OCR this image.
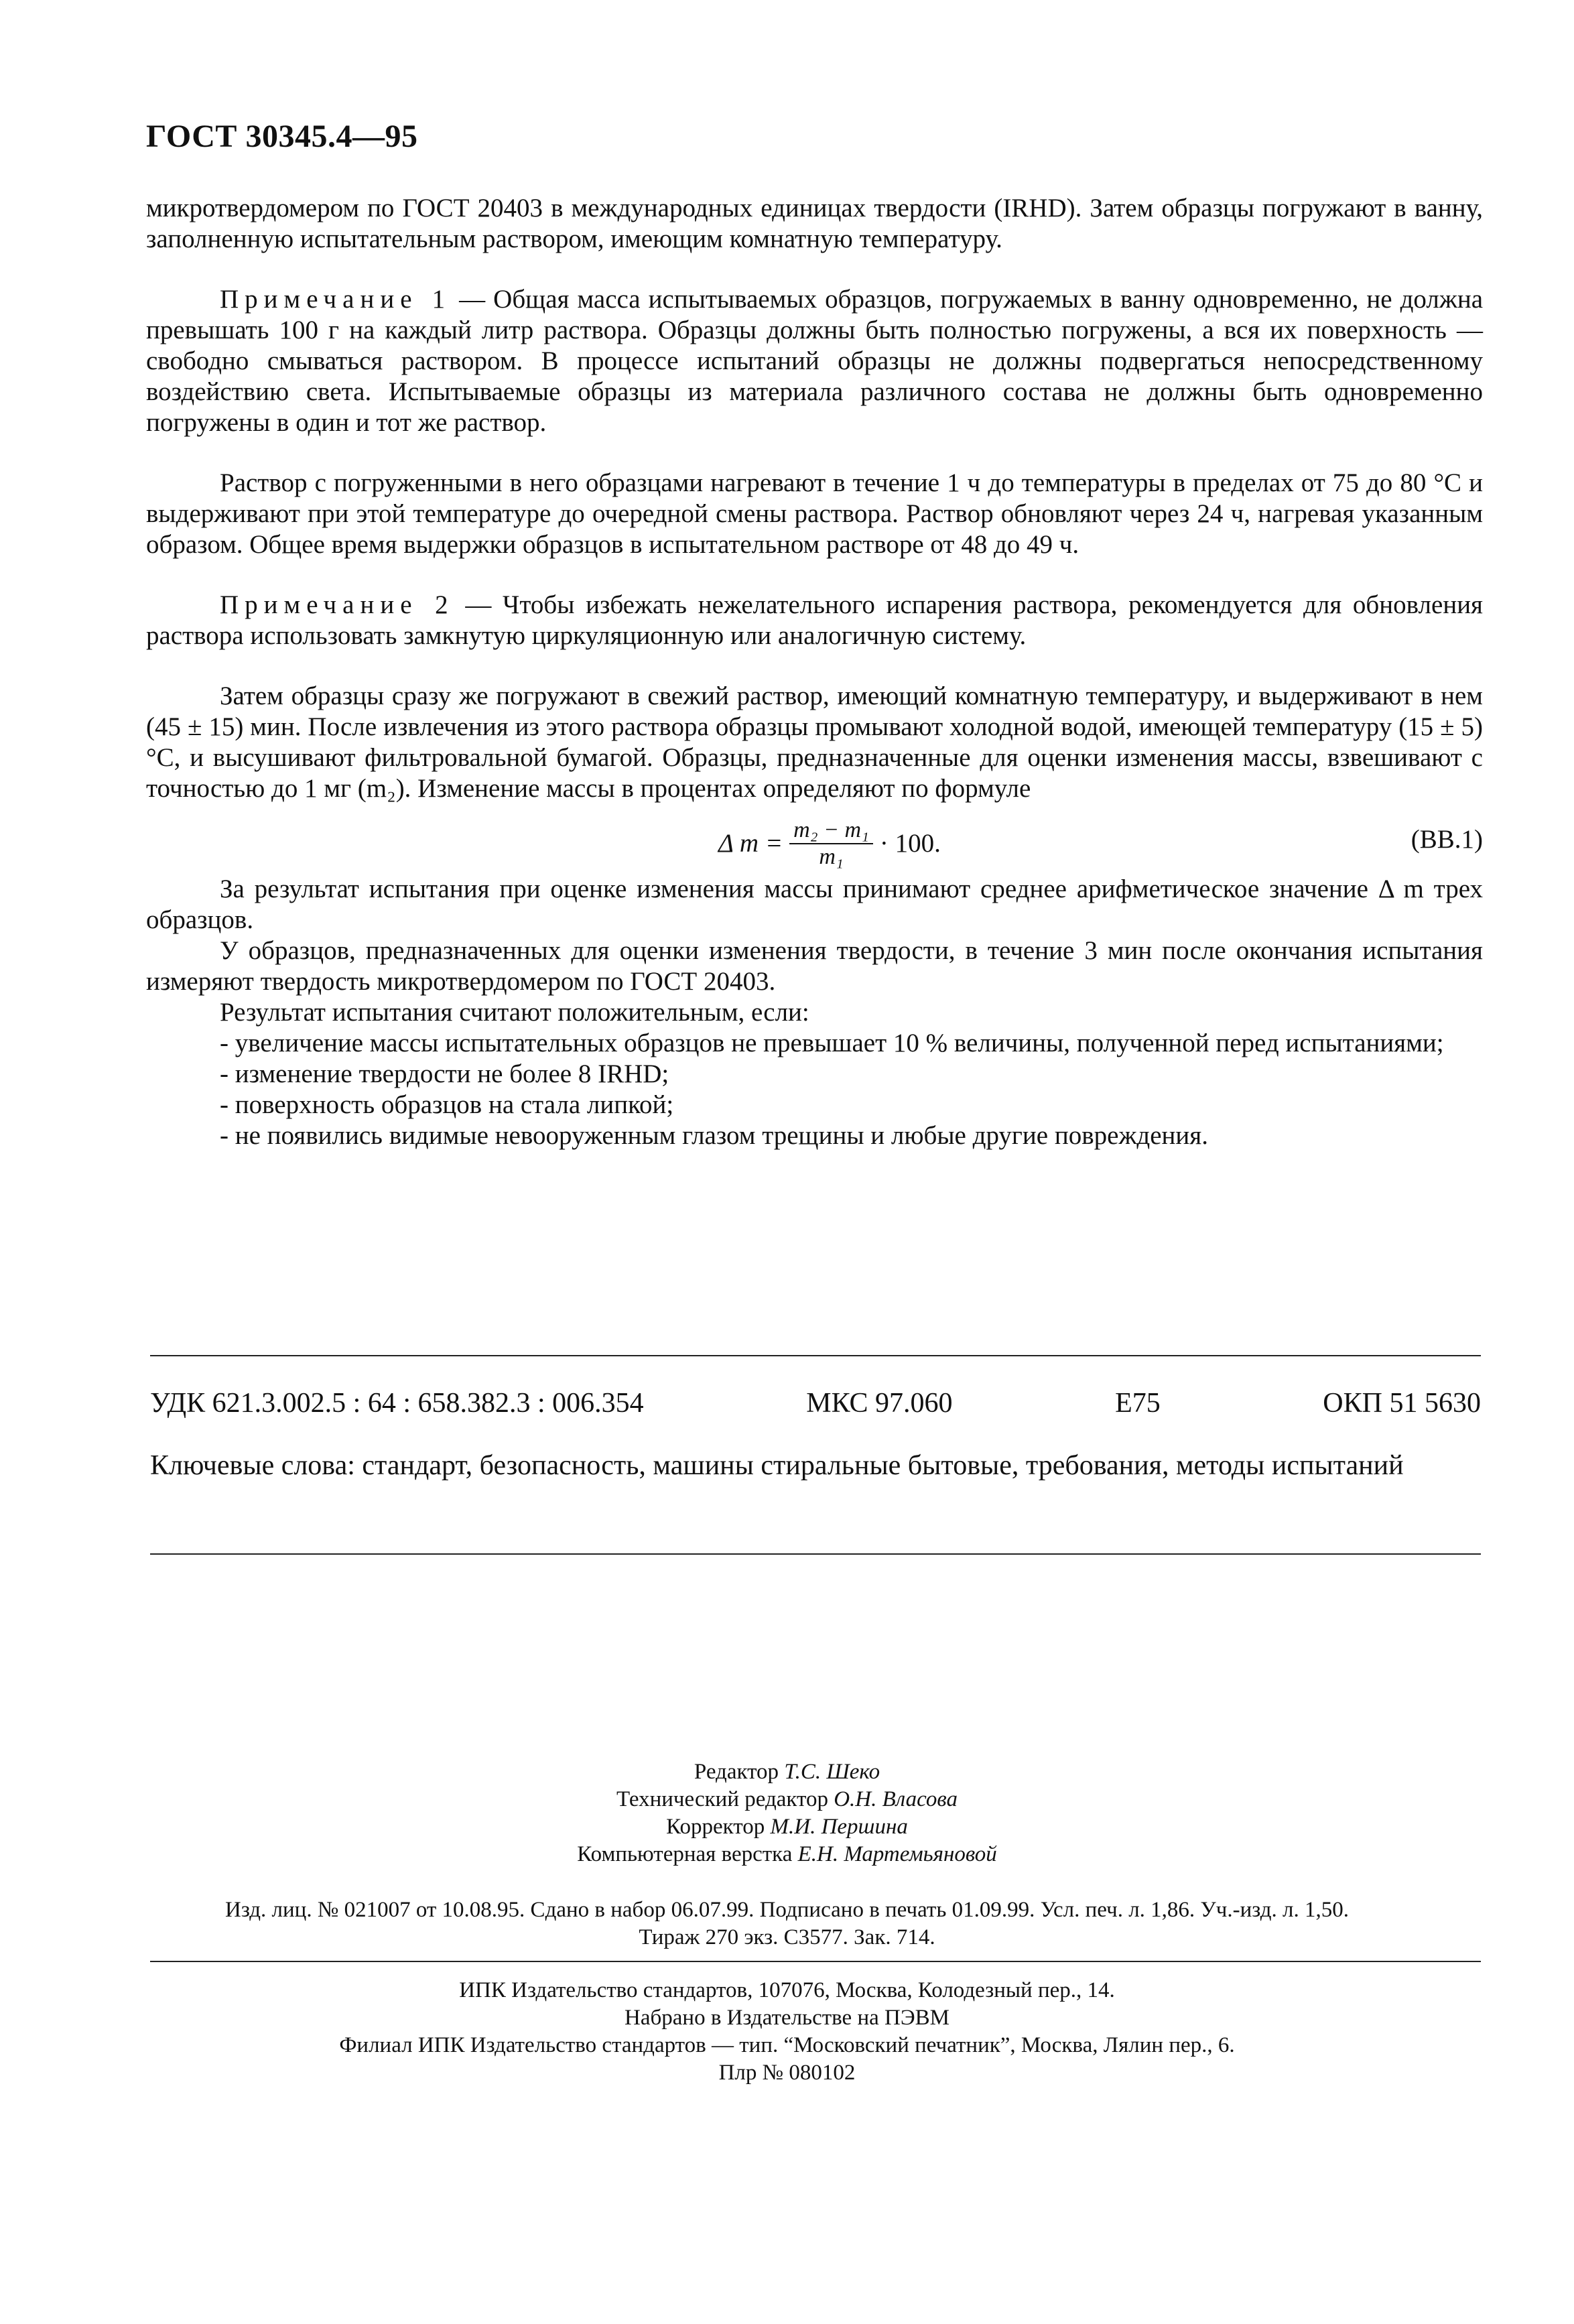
ГОСТ 30345.4—95

микротвердомером по ГОСТ 20403 в международных единицах твердости (IRHD). Затем образцы погружают в ванну, заполненную испытательным раствором, имеющим комнатную температуру.

Примечание 1 — Общая масса испытываемых образцов, погружаемых в ванну одновременно, не должна превышать 100 г на каждый литр раствора. Образцы должны быть полностью погружены, а вся их поверхность — свободно смываться раствором. В процессе испытаний образцы не должны подвергаться непосредственному воздействию света. Испытываемые образцы из материала различного состава не должны быть одновременно погружены в один и тот же раствор.

Раствор с погруженными в него образцами нагревают в течение 1 ч до температуры в пределах от 75 до 80 °С и выдерживают при этой температуре до очередной смены раствора. Раствор обновляют через 24 ч, нагревая указанным образом. Общее время выдержки образцов в испытательном растворе от 48 до 49 ч.

Примечание 2 — Чтобы избежать нежелательного испарения раствора, рекомендуется для обновления раствора использовать замкнутую циркуляционную или аналогичную систему.

Затем образцы сразу же погружают в свежий раствор, имеющий комнатную температуру, и выдерживают в нем (45 ± 15) мин. После извлечения из этого раствора образцы промывают холодной водой, имеющей температуру (15 ± 5) °С, и высушивают фильтровальной бумагой. Образцы, предназначенные для оценки изменения массы, взвешивают с точностью до 1 мг (m₂). Изменение массы в процентах определяют по формуле

Δ $m = \frac{\text{m₂ − m₁}}{\text{m₁}} \cdot 100$.	(ВВ.1)

За результат испытания при оценке изменения массы принимают среднее арифметическое значение Δ m трех образцов.

У образцов, предназначенных для оценки изменения твердости, в течение 3 мин после окончания испытания измеряют твердость микротвердомером по ГОСТ 20403.

Результат испытания считают положительным, если:

- увеличение массы испытательных образцов не превышает 10 % величины, полученной перед испытаниями;
- изменение твердости не более 8 IRHD;
- поверхность образцов на стала липкой;
- не появились видимые невооруженным глазом трещины и любые другие повреждения.
УДК 621.3.002.5 : 64 : 658.382.3 : 006.354	МКС 97.060	Е75	ОКП 51 5630
Ключевые слова: стандарт, безопасность, машины стиральные бытовые, требования, методы испытаний
Редактор Т.С. Шеко
Технический редактор О.Н. Власова
Корректор М.И. Першина
Компьютерная верстка Е.Н. Мартемьяновой
Изд. лиц. № 021007 от 10.08.95. Сдано в набор 06.07.99. Подписано в печать 01.09.99. Усл. печ. л. 1,86. Уч.-изд. л. 1,50.
Тираж 270 экз. С3577. Зак. 714.
ИПК Издательство стандартов, 107076, Москва, Колодезный пер., 14.
Набрано в Издательстве на ПЭВМ
Филиал ИПК Издательство стандартов — тип. “Московский печатник”, Москва, Лялин пер., 6.
Плр № 080102
